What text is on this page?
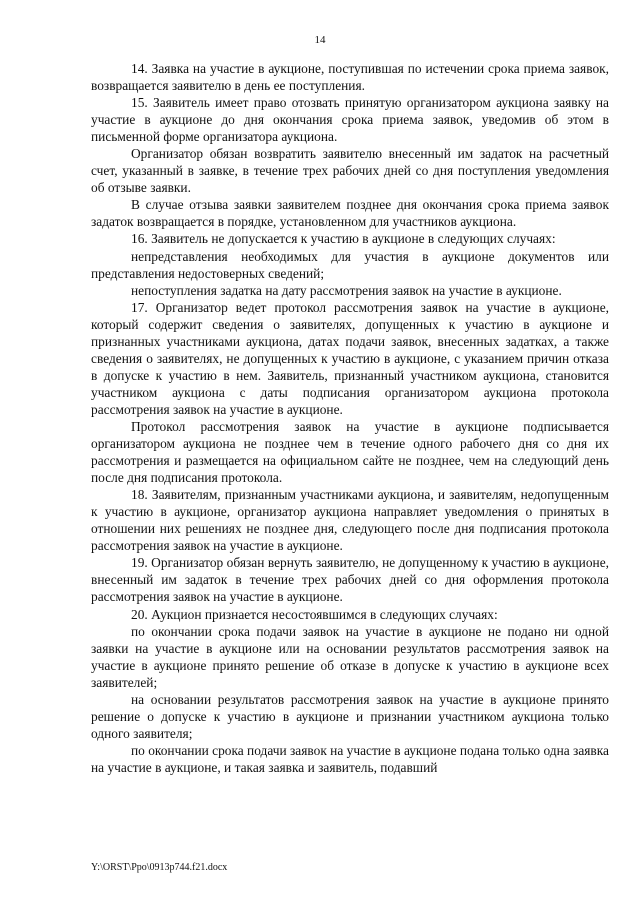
14

14. Заявка на участие в аукционе, поступившая по истечении срока приема заявок, возвращается заявителю в день ее поступления.

15. Заявитель имеет право отозвать принятую организатором аукциона заявку на участие в аукционе до дня окончания срока приема заявок, уведомив об этом в письменной форме организатора аукциона.

Организатор обязан возвратить заявителю внесенный им задаток на расчетный счет, указанный в заявке, в течение трех рабочих дней со дня поступления уведомления об отзыве заявки.

В случае отзыва заявки заявителем позднее дня окончания срока приема заявок задаток возвращается в порядке, установленном для участников аукциона.

16. Заявитель не допускается к участию в аукционе в следующих случаях:

непредставления необходимых для участия в аукционе документов или представления недостоверных сведений;

непоступления задатка на дату рассмотрения заявок на участие в аукционе.

17. Организатор ведет протокол рассмотрения заявок на участие в аукционе, который содержит сведения о заявителях, допущенных к участию в аукционе и признанных участниками аукциона, датах подачи заявок, внесенных задатках, а также сведения о заявителях, не допущенных к участию в аукционе, с указанием причин отказа в допуске к участию в нем. Заявитель, признанный участником аукциона, становится участником аукциона с даты подписания организатором аукциона протокола рассмотрения заявок на участие в аукционе.

Протокол рассмотрения заявок на участие в аукционе подписывается организатором аукциона не позднее чем в течение одного рабочего дня со дня их рассмотрения и размещается на официальном сайте не позднее, чем на следующий день после дня подписания протокола.

18. Заявителям, признанным участниками аукциона, и заявителям, недопущенным к участию в аукционе, организатор аукциона направляет уведомления о принятых в отношении них решениях не позднее дня, следующего после дня подписания протокола рассмотрения заявок на участие в аукционе.

19. Организатор обязан вернуть заявителю, не допущенному к участию в аукционе, внесенный им задаток в течение трех рабочих дней со дня оформления протокола рассмотрения заявок на участие в аукционе.

20. Аукцион признается несостоявшимся в следующих случаях:

по окончании срока подачи заявок на участие в аукционе не подано ни одной заявки на участие в аукционе или на основании результатов рассмотрения заявок на участие в аукционе принято решение об отказе в допуске к участию в аукционе всех заявителей;

на основании результатов рассмотрения заявок на участие в аукционе принято решение о допуске к участию в аукционе и признании участником аукциона только одного заявителя;

по окончании срока подачи заявок на участие в аукционе подана только одна заявка на участие в аукционе, и такая заявка и заявитель, подавший

Y:\ORST\Ppo\0913p744.f21.docx
